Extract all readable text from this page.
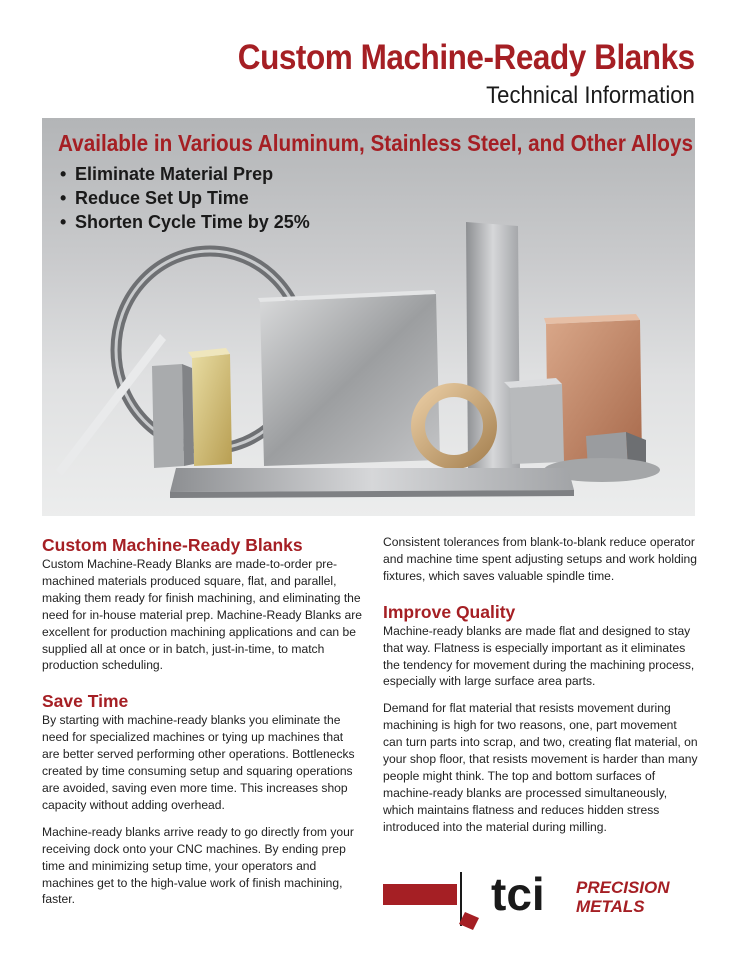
Custom Machine-Ready Blanks
Technical Information
Available in Various Aluminum, Stainless Steel, and Other Alloys
• Eliminate Material Prep
• Reduce Set Up Time
• Shorten Cycle Time by 25%
Custom Machine-Ready Blanks

Custom Machine-Ready Blanks are made-to-order pre-machined materials produced square, flat, and parallel, making them ready for finish machining, and eliminating the need for in-house material prep. Machine-Ready Blanks are excellent for production machining applications and can be supplied all at once or in batch, just-in-time, to match production scheduling.

Save Time

By starting with machine-ready blanks you eliminate the need for specialized machines or tying up machines that are better served performing other operations. Bottlenecks created by time consuming setup and squaring operations are avoided, saving even more time. This increases shop capacity without adding overhead.

Machine-ready blanks arrive ready to go directly from your receiving dock onto your CNC machines. By ending prep time and minimizing setup time, your operators and machines get to the high-value work of finish machining, faster.

Consistent tolerances from blank-to-blank reduce operator and machine time spent adjusting setups and work holding fixtures, which saves valuable spindle time.

Improve Quality

Machine-ready blanks are made flat and designed to stay that way. Flatness is especially important as it eliminates the tendency for movement during the machining process, especially with large surface area parts.

Demand for flat material that resists movement during machining is high for two reasons, one, part movement can turn parts into scrap, and two, creating flat material, on your shop floor, that resists movement is harder than many people might think. The top and bottom surfaces of machine-ready blanks are processed simultaneously, which maintains flatness and reduces hidden stress introduced into the material during milling.

tci PRECISION
METALS
